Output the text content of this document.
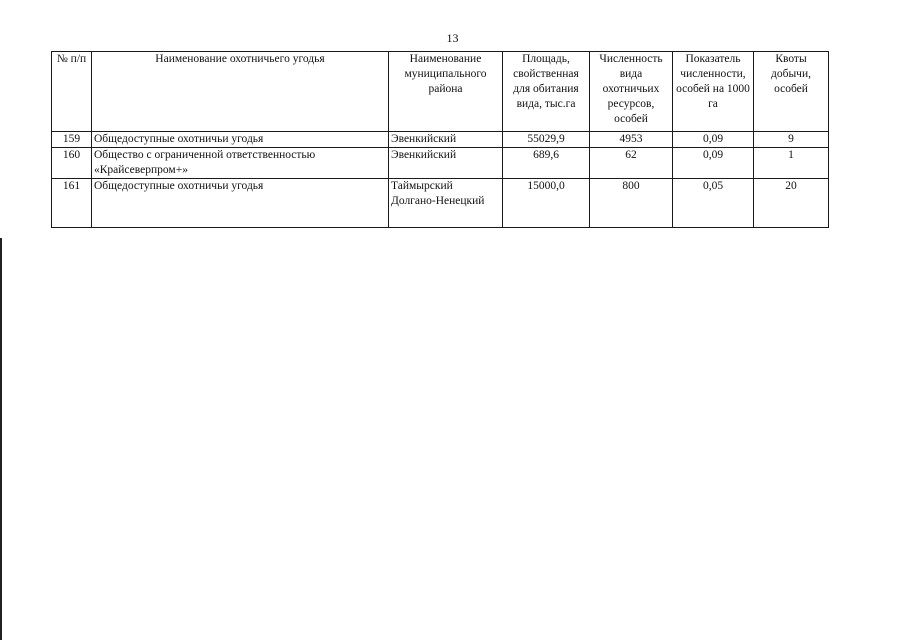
13
№ п/п	Наименование охотничьего угодья	Наименование муниципального района	Площадь, свойственная для обитания вида, тыс.га	Численность вида охотничьих ресурсов, особей	Показатель численности, особей на 1000 га	Квоты добычи, особей
159	Общедоступные охотничьи угодья	Эвенкийский	55029,9	4953	0,09	9
160	Общество с ограниченной ответственностью «Крайсеверпром+»	Эвенкийский	689,6	62	0,09	1
161	Общедоступные охотничьи угодья	Таймырский Долгано-Ненецкий	15000,0	800	0,05	20
